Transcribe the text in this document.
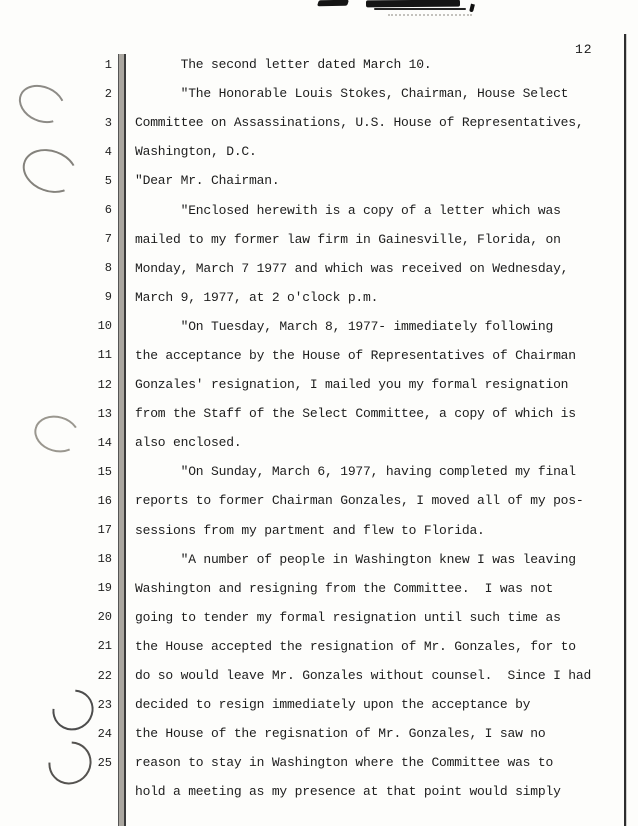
12
1 The second letter dated March 10.
2 "The Honorable Louis Stokes, Chairman, House Select
3 Committee on Assassinations, U.S. House of Representatives,
4 Washington, D.C.
5 "Dear Mr. Chairman.
6 "Enclosed herewith is a copy of a letter which was
7 mailed to my former law firm in Gainesville, Florida, on
8 Monday, March 7 1977 and which was received on Wednesday,
9 March 9, 1977, at 2 o'clock p.m.
10 "On Tuesday, March 8, 1977- immediately following
11 the acceptance by the House of Representatives of Chairman
12 Gonzales' resignation, I mailed you my formal resignation
13 from the Staff of the Select Committee, a copy of which is
14 also enclosed.
15 "On Sunday, March 6, 1977, having completed my final
16 reports to former Chairman Gonzales, I moved all of my pos-
17 sessions from my partment and flew to Florida.
18 "A number of people in Washington knew I was leaving
19 Washington and resigning from the Committee.  I was not
20 going to tender my formal resignation until such time as
21 the House accepted the resignation of Mr. Gonzales, for to
22 do so would leave Mr. Gonzales without counsel.  Since I had
23 decided to resign immediately upon the acceptance by
24 the House of the regisnation of Mr. Gonzales, I saw no
25 reason to stay in Washington where the Committee was to
hold a meeting as my presence at that point would simply
